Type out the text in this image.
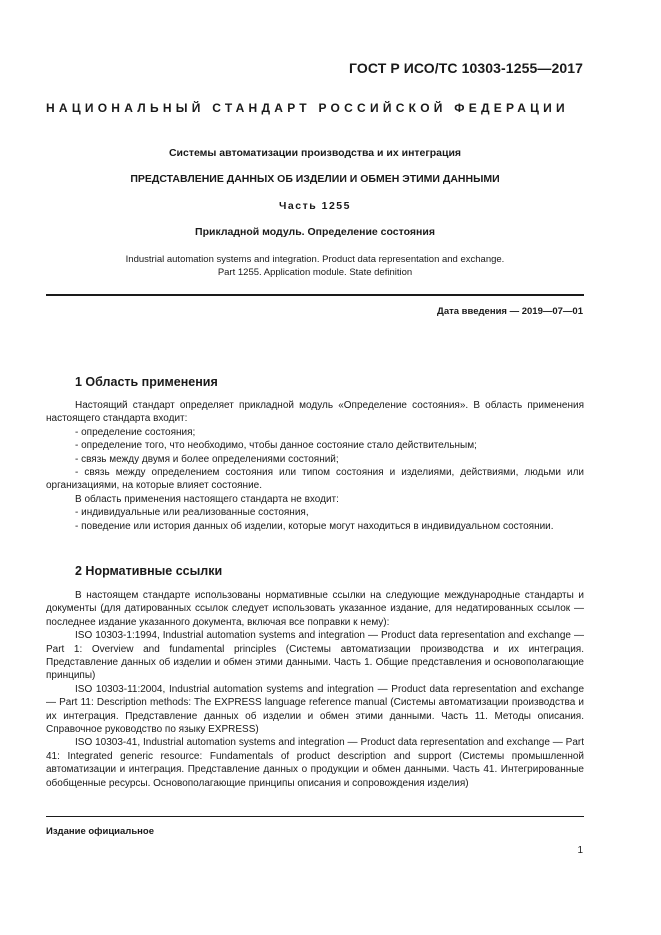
ГОСТ Р ИСО/ТС 10303-1255—2017
НАЦИОНАЛЬНЫЙ СТАНДАРТ РОССИЙСКОЙ ФЕДЕРАЦИИ
Системы автоматизации производства и их интеграция
ПРЕДСТАВЛЕНИЕ ДАННЫХ ОБ ИЗДЕЛИИ И ОБМЕН ЭТИМИ ДАННЫМИ
Часть 1255
Прикладной модуль. Определение состояния
Industrial automation systems and integration. Product data representation and exchange.
Part 1255. Application module. State definition
Дата введения — 2019—07—01
1 Область применения

Настоящий стандарт определяет прикладной модуль «Определение состояния». В область применения настоящего стандарта входит:

- определение состояния;

- определение того, что необходимо, чтобы данное состояние стало действительным;

- связь между двумя и более определениями состояний;

- связь между определением состояния или типом состояния и изделиями, действиями, людьми или организациями, на которые влияет состояние.

В область применения настоящего стандарта не входит:

- индивидуальные или реализованные состояния,

- поведение или история данных об изделии, которые могут находиться в индивидуальном состоянии.

2 Нормативные ссылки

В настоящем стандарте использованы нормативные ссылки на следующие международные стандарты и документы (для датированных ссылок следует использовать указанное издание, для недатированных ссылок — последнее издание указанного документа, включая все поправки к нему):

ISO 10303-1:1994, Industrial automation systems and integration — Product data representation and exchange — Part 1: Overview and fundamental principles (Системы автоматизации производства и их интеграция. Представление данных об изделии и обмен этими данными. Часть 1. Общие представления и основополагающие принципы)

ISO 10303-11:2004, Industrial automation systems and integration — Product data representation and exchange — Part 11: Description methods: The EXPRESS language reference manual (Системы автоматизации производства и их интеграция. Представление данных об изделии и обмен этими данными. Часть 11. Методы описания. Справочное руководство по языку EXPRESS)

ISO 10303-41, Industrial automation systems and integration — Product data representation and exchange — Part 41: Integrated generic resource: Fundamentals of product description and support (Системы промышленной автоматизации и интеграция. Представление данных о продукции и обмен данными. Часть 41. Интегрированные обобщенные ресурсы. Основополагающие принципы описания и сопровождения изделия)

Издание официальное
1
